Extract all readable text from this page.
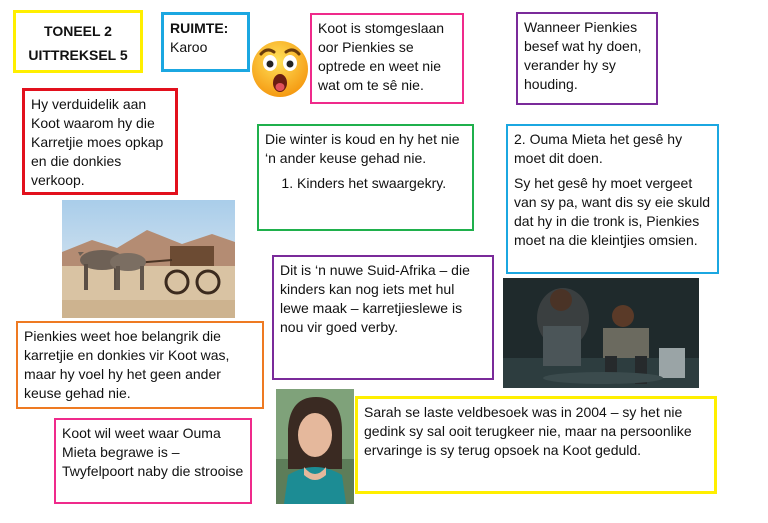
TONEEL 2
UITTREKSEL 5

RUIMTE:

Karoo

Koot is stomgeslaan oor Pienkies se optrede en weet nie wat om te sê nie.

Wanneer Pienkies besef wat hy doen, verander hy sy houding.

Hy verduidelik aan Koot waarom hy die Karretjie moes opkap en die donkies verkoop.

Die winter is koud en hy het nie ‘n ander keuse gehad nie.

1. Kinders het swaargekry.

2. Ouma Mieta het gesê hy moet dit doen.

Sy het gesê hy moet vergeet van sy pa, want dis sy eie skuld dat hy in die tronk is, Pienkies moet na die kleintjies omsien.

Dit is ‘n nuwe Suid-Afrika – die kinders kan nog iets met hul lewe maak – karretjieslewe is nou vir goed verby.

Pienkies weet hoe belangrik die karretjie en donkies vir Koot was, maar hy voel hy het geen ander keuse gehad nie.

Sarah se laste veldbesoek was in 2004 – sy het nie gedink sy sal ooit terugkeer nie, maar na persoonlike ervaringe is sy terug opsoek na Koot geduld.

Koot wil weet waar Ouma Mieta begrawe is – Twyfelpoort naby die strooise
